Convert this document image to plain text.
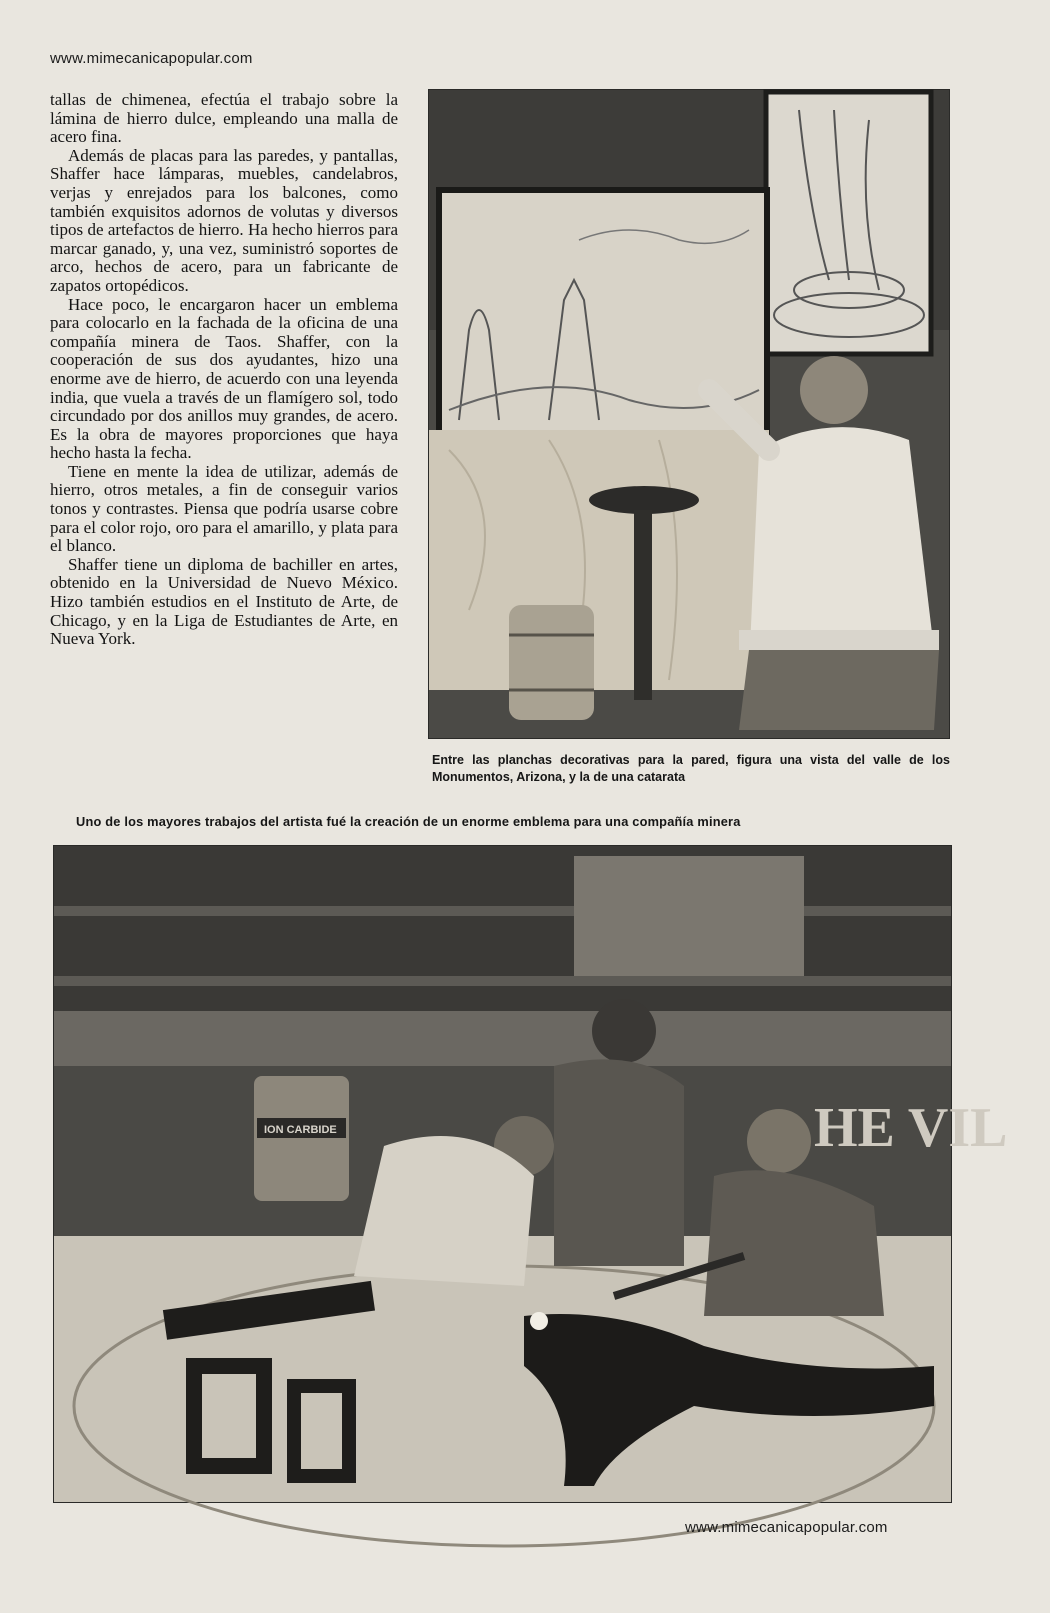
www.mimecanicapopular.com

tallas de chimenea, efectúa el trabajo sobre la lámina de hierro dulce, empleando una malla de acero fina.

Además de placas para las paredes, y pantallas, Shaffer hace lámparas, muebles, candelabros, verjas y enrejados para los balcones, como también exquisitos adornos de volutas y diversos tipos de artefactos de hierro. Ha hecho hierros para marcar ganado, y, una vez, suministró soportes de arco, hechos de acero, para un fabricante de zapatos ortopédicos.

Hace poco, le encargaron hacer un emblema para colocarlo en la fachada de la oficina de una compañía minera de Taos. Shaffer, con la cooperación de sus dos ayudantes, hizo una enorme ave de hierro, de acuerdo con una leyenda india, que vuela a través de un flamígero sol, todo circundado por dos anillos muy grandes, de acero. Es la obra de mayores proporciones que haya hecho hasta la fecha.

Tiene en mente la idea de utilizar, además de hierro, otros metales, a fin de conseguir varios tonos y contrastes. Piensa que podría usarse cobre para el color rojo, oro para el amarillo, y plata para el blanco.

Shaffer tiene un diploma de bachiller en artes, obtenido en la Universidad de Nuevo México. Hizo también estudios en el Instituto de Arte, de Chicago, y en la Liga de Estudiantes de Arte, en Nueva York.

Entre las planchas decorativas para la pared, figura una vista del valle de los Monumentos, Arizona, y la de una catarata
Uno de los mayores trabajos del artista fué la creación de un enorme emblema para una compañía minera
ION CARBIDE	HE VIL
www.mimecanicapopular.com
